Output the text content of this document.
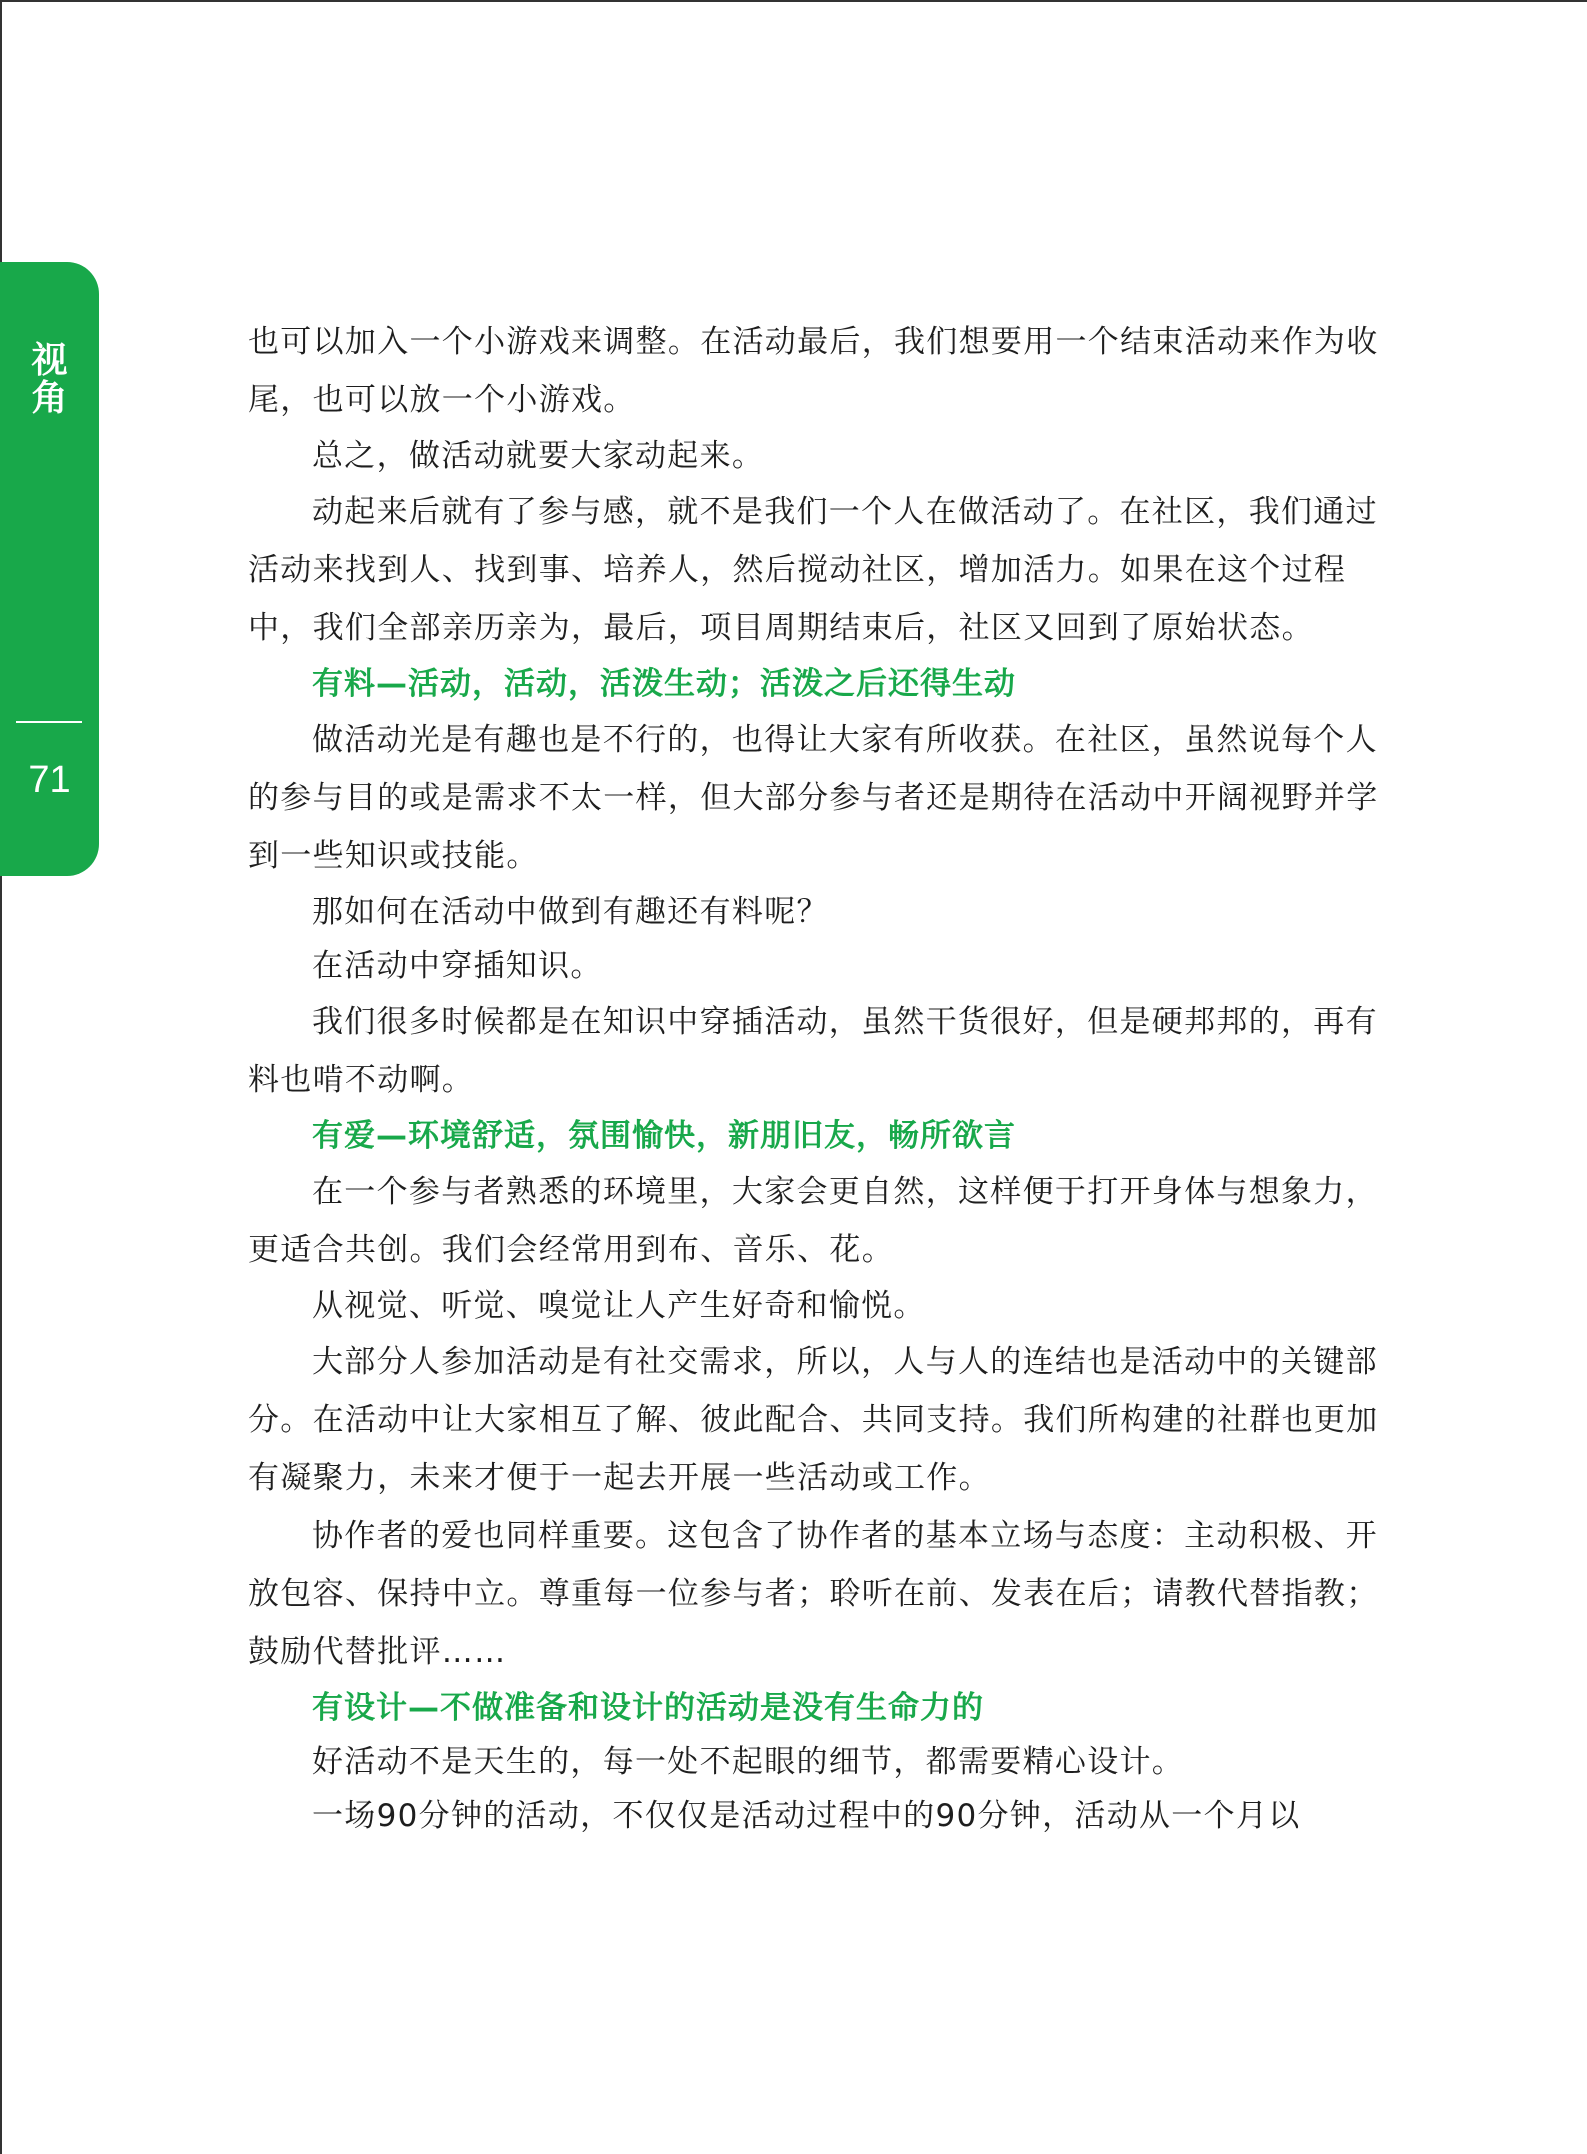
视
角
71

也可以加入一个小游戏来调整。在活动最后，我们想要用一个结束活动来作为收尾，也可以放一个小游戏。

总之，做活动就要大家动起来。

动起来后就有了参与感，就不是我们一个人在做活动了。在社区，我们通过活动来找到人、找到事、培养人，然后搅动社区，增加活力。如果在这个过程中，我们全部亲历亲为，最后，项目周期结束后，社区又回到了原始状态。

有料—活动，活动，活泼生动；活泼之后还得生动

做活动光是有趣也是不行的，也得让大家有所收获。在社区，虽然说每个人的参与目的或是需求不太一样，但大部分参与者还是期待在活动中开阔视野并学到一些知识或技能。

那如何在活动中做到有趣还有料呢？

在活动中穿插知识。

我们很多时候都是在知识中穿插活动，虽然干货很好，但是硬邦邦的，再有料也啃不动啊。

有爱—环境舒适，氛围愉快，新朋旧友，畅所欲言

在一个参与者熟悉的环境里，大家会更自然，这样便于打开身体与想象力，更适合共创。我们会经常用到布、音乐、花。

从视觉、听觉、嗅觉让人产生好奇和愉悦。

大部分人参加活动是有社交需求，所以，人与人的连结也是活动中的关键部分。在活动中让大家相互了解、彼此配合、共同支持。我们所构建的社群也更加有凝聚力，未来才便于一起去开展一些活动或工作。

协作者的爱也同样重要。这包含了协作者的基本立场与态度：主动积极、开放包容、保持中立。尊重每一位参与者；聆听在前、发表在后；请教代替指教；鼓励代替批评……

有设计—不做准备和设计的活动是没有生命力的

好活动不是天生的，每一处不起眼的细节，都需要精心设计。

一场90分钟的活动，不仅仅是活动过程中的90分钟，活动从一个月以
